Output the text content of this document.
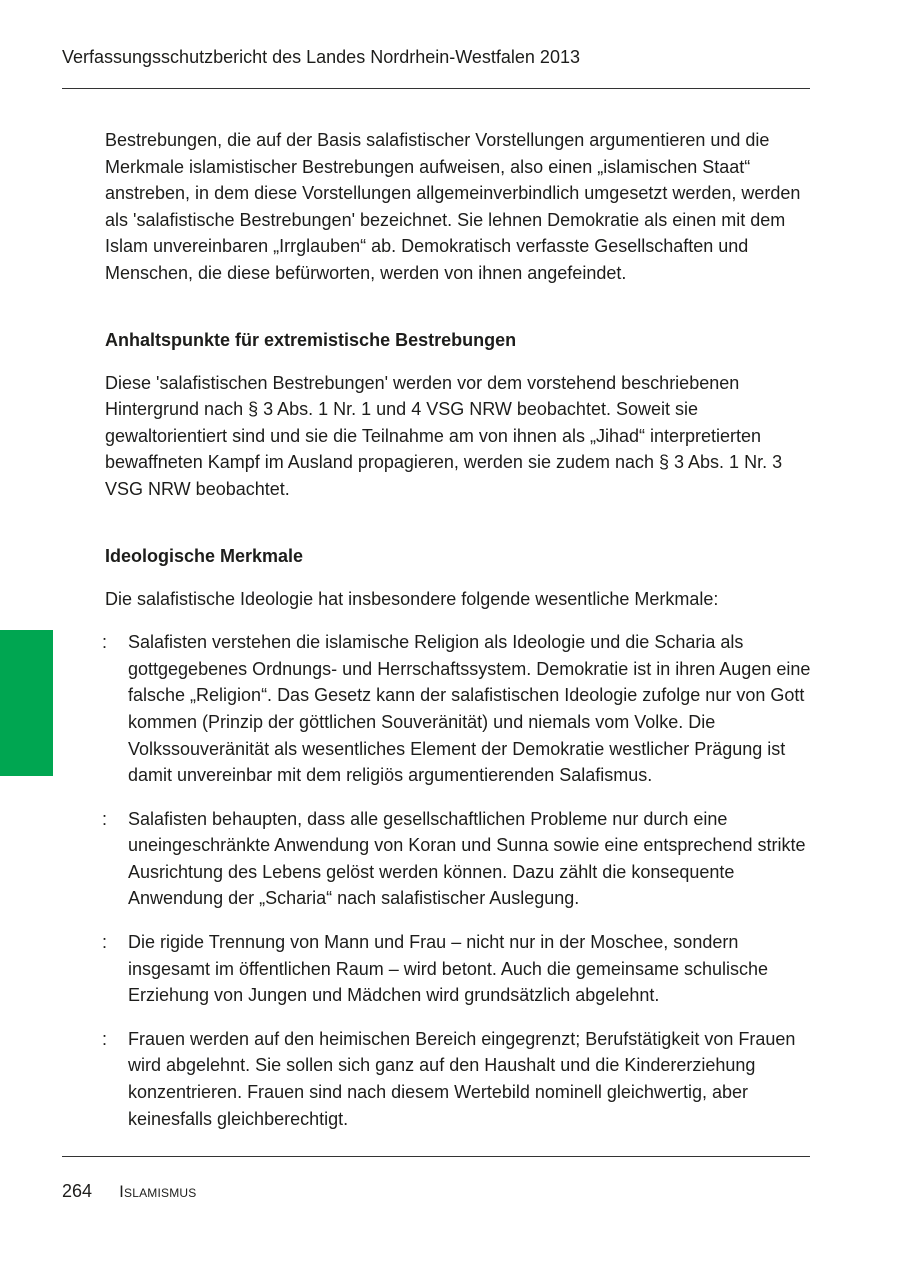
Verfassungsschutzbericht des Landes Nordrhein-Westfalen 2013

Bestrebungen, die auf der Basis salafistischer Vorstellungen argumentieren und die Merkmale islamistischer Bestrebungen aufweisen, also einen „islamischen Staat“ anstreben, in dem diese Vorstellungen allgemeinverbindlich umgesetzt werden, werden als 'salafistische Bestrebungen' bezeichnet. Sie lehnen Demokratie als einen mit dem Islam unvereinbaren „Irrglauben“ ab. Demokratisch verfasste Gesellschaften und Menschen, die diese befürworten, werden von ihnen angefeindet.

Anhaltspunkte für extremistische Bestrebungen

Diese 'salafistischen Bestrebungen' werden vor dem vorstehend beschriebenen Hintergrund nach § 3 Abs. 1 Nr. 1 und 4 VSG NRW beobachtet. Soweit sie gewaltorientiert sind und sie die Teilnahme am von ihnen als „Jihad“ interpretierten bewaffneten Kampf im Ausland propagieren, werden sie zudem nach § 3 Abs. 1 Nr. 3 VSG NRW beobachtet.

Ideologische Merkmale

Die salafistische Ideologie hat insbesondere folgende wesentliche Merkmale:

: Salafisten verstehen die islamische Religion als Ideologie und die Scharia als gottgegebenes Ordnungs- und Herrschaftssystem. Demokratie ist in ihren Augen eine falsche „Religion“. Das Gesetz kann der salafistischen Ideologie zufolge nur von Gott kommen (Prinzip der göttlichen Souveränität) und niemals vom Volke. Die Volkssouveränität als wesentliches Element der Demokratie westlicher Prägung ist damit unvereinbar mit dem religiös argumentierenden Salafismus.
: Salafisten behaupten, dass alle gesellschaftlichen Probleme nur durch eine uneingeschränkte Anwendung von Koran und Sunna sowie eine entsprechend strikte Ausrichtung des Lebens gelöst werden können. Dazu zählt die konsequente Anwendung der „Scharia“ nach salafistischer Auslegung.
: Die rigide Trennung von Mann und Frau – nicht nur in der Moschee, sondern insgesamt im öffentlichen Raum – wird betont. Auch die gemeinsame schulische Erziehung von Jungen und Mädchen wird grundsätzlich abgelehnt.
: Frauen werden auf den heimischen Bereich eingegrenzt; Berufstätigkeit von Frauen wird abgelehnt. Sie sollen sich ganz auf den Haushalt und die Kindererziehung konzentrieren. Frauen sind nach diesem Wertebild nominell gleichwertig, aber keinesfalls gleichberechtigt.
264 Islamismus
